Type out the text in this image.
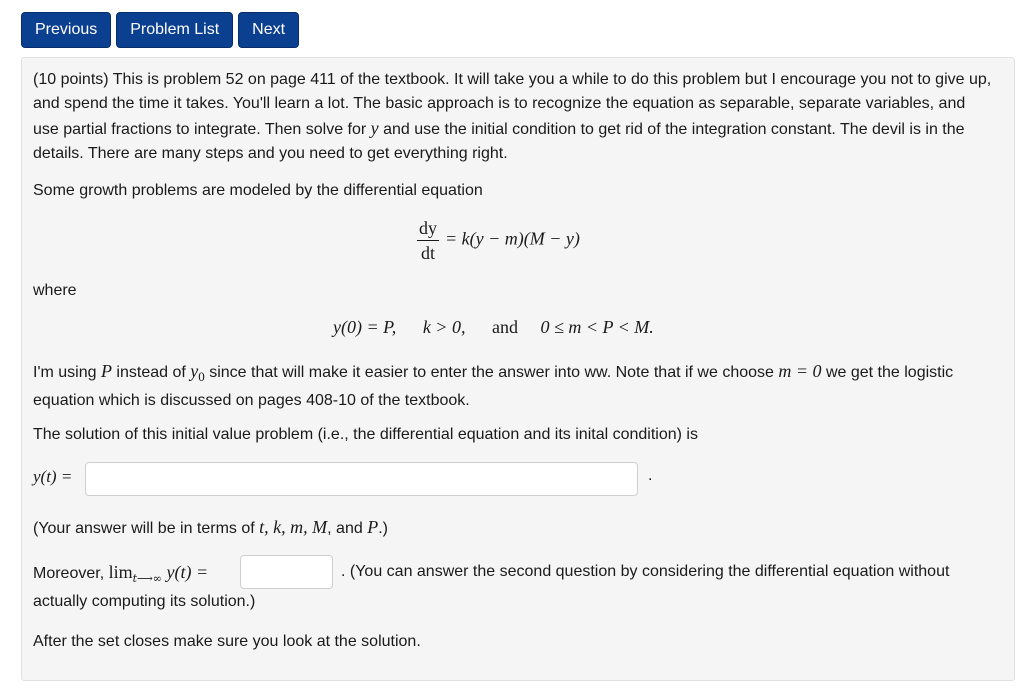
Previous	Problem List	Next

(10 points) This is problem 52 on page 411 of the textbook. It will take you a while to do this problem but I encourage you not to give up, and spend the time it takes. You'll learn a lot. The basic approach is to recognize the equation as separable, separate variables, and use partial fractions to integrate. Then solve for y and use the initial condition to get rid of the integration constant. The devil is in the details. There are many steps and you need to get everything right.

Some growth problems are modeled by the differential equation

$\frac{dy}{dt} = k(y - m)(M - y)$

where

y(0) = P, k > 0, and 0 ≤ m < P < M.

I'm using P instead of $y_0$ since that will make it easier to enter the answer into ww. Note that if we choose m = 0 we get the logistic equation which is discussed on pages 408-10 of the textbook.

The solution of this initial value problem (i.e., the differential equation and its inital condition) is

y(t) =	.

(Your answer will be in terms of t, k, m, M, and P.)

Moreover, $\lim_{t⟶\infty} y(t)$ =	. (You can answer the second question by considering the differential equation without

actually computing its solution.)

After the set closes make sure you look at the solution.
